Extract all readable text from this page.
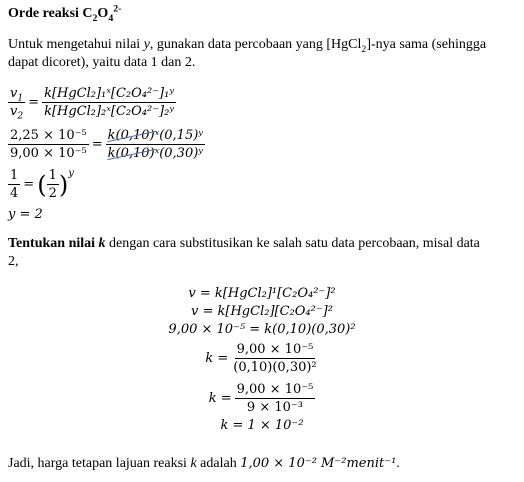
Orde reaksi $C_2O_4^{2-}$
Untuk mengetahui nilai y, gunakan data percobaan yang [HgCl$_2$]-nya sama (sehingga
dapat dicoret), yaitu data 1 dan 2.
$\frac{v_1}{v_2} = \frac{\text{k[HgCl₂]₁ˣ[C₂O₄²⁻]₁ʸ}}{\text{k[HgCl₂]₂ˣ[C₂O₄²⁻]₂ʸ}}$
$\frac{\text{2,25 × 10⁻⁵}}{\text{9,00 × 10⁻⁵}} = \frac{\text{k(0,10)ˣ(0,15)ʸ}}{\text{k(0,10)ˣ(0,30)ʸ}}$
$\frac{1}{4}$ = ( $\frac{1}{2}$ ) y
y = 2
Tentukan nilai k dengan cara substitusikan ke salah satu data percobaan, misal data
2,
v = k[HgCl₂]¹[C₂O₄²⁻]²
v = k[HgCl₂][C₂O₄²⁻]²
9,00 × 10⁻⁵ = k(0,10)(0,30)²
$k = \frac{\text{9,00 × 10⁻⁵}}{\text{(0,10)(0,30)²}}$
$k = \frac{\text{9,00 × 10⁻⁵}}{\text{9 × 10⁻³}}$
k = 1 × 10⁻²
Jadi, harga tetapan lajuan reaksi k adalah 1,00 × 10⁻² M⁻²menit⁻¹.
